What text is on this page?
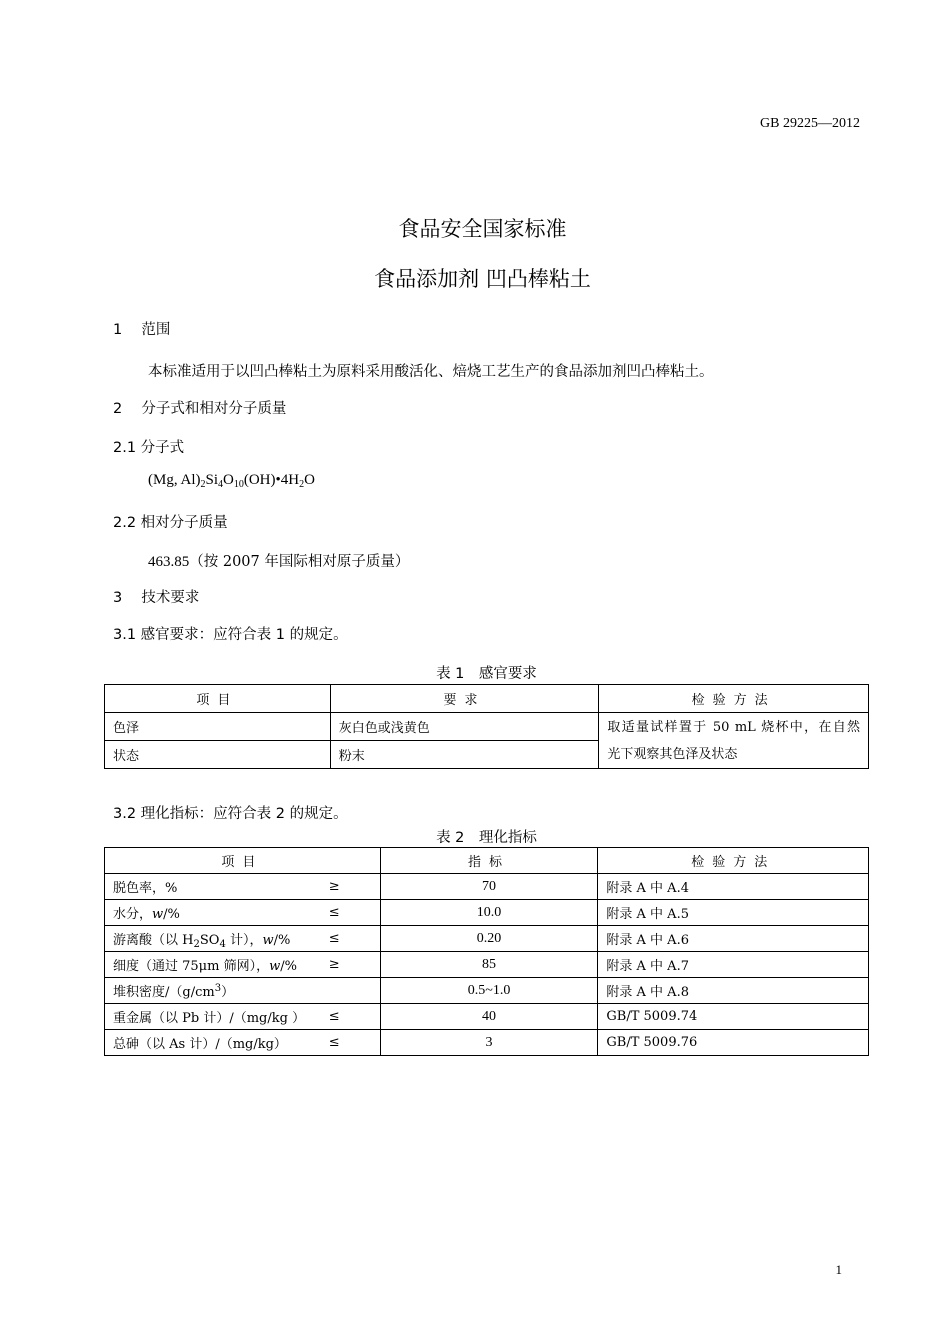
GB 29225—2012
食品安全国家标准
食品添加剂 凹凸棒粘土
1　 范围
本标准适用于以凹凸棒粘土为原料采用酸活化、焙烧工艺生产的食品添加剂凹凸棒粘土。
2　 分子式和相对分子质量
2.1 分子式
(Mg, $Al)_2Si_4O_{10}(OH)•4H_2O$
2.2 相对分子质量
463.85（按 2007 年国际相对原子质量）
3　 技术要求
3.1 感官要求：应符合表 1 的规定。
表 1　感官要求
项目	要求	检验方法
色泽	灰白色或浅黄色	取适量试样置于 50 mL 烧杯中，在自然
光下观察其色泽及状态

状态	粉末	
3.2 理化指标：应符合表 2 的规定。
表 2　理化指标
项目	指标	检验方法

脱色率，% ≥	70	附录 A 中 A.4

水分，w/% ≤	10.0	附录 A 中 A.5

游离酸（以 $H_2SO_4$ 计），w/% ≤	0.20	附录 A 中 A.6

细度（通过 75μm 筛网），w/% ≥	85	附录 A 中 A.7
堆积密度$/(g/cm^3)$	0.5~1.0	附录 A 中 A.8

重金属（以 Pb 计）/（mg/kg ） ≤	40	GB/T 5009.74

总砷（以 As 计）/（mg/kg） ≤	3	GB/T 5009.76
1
